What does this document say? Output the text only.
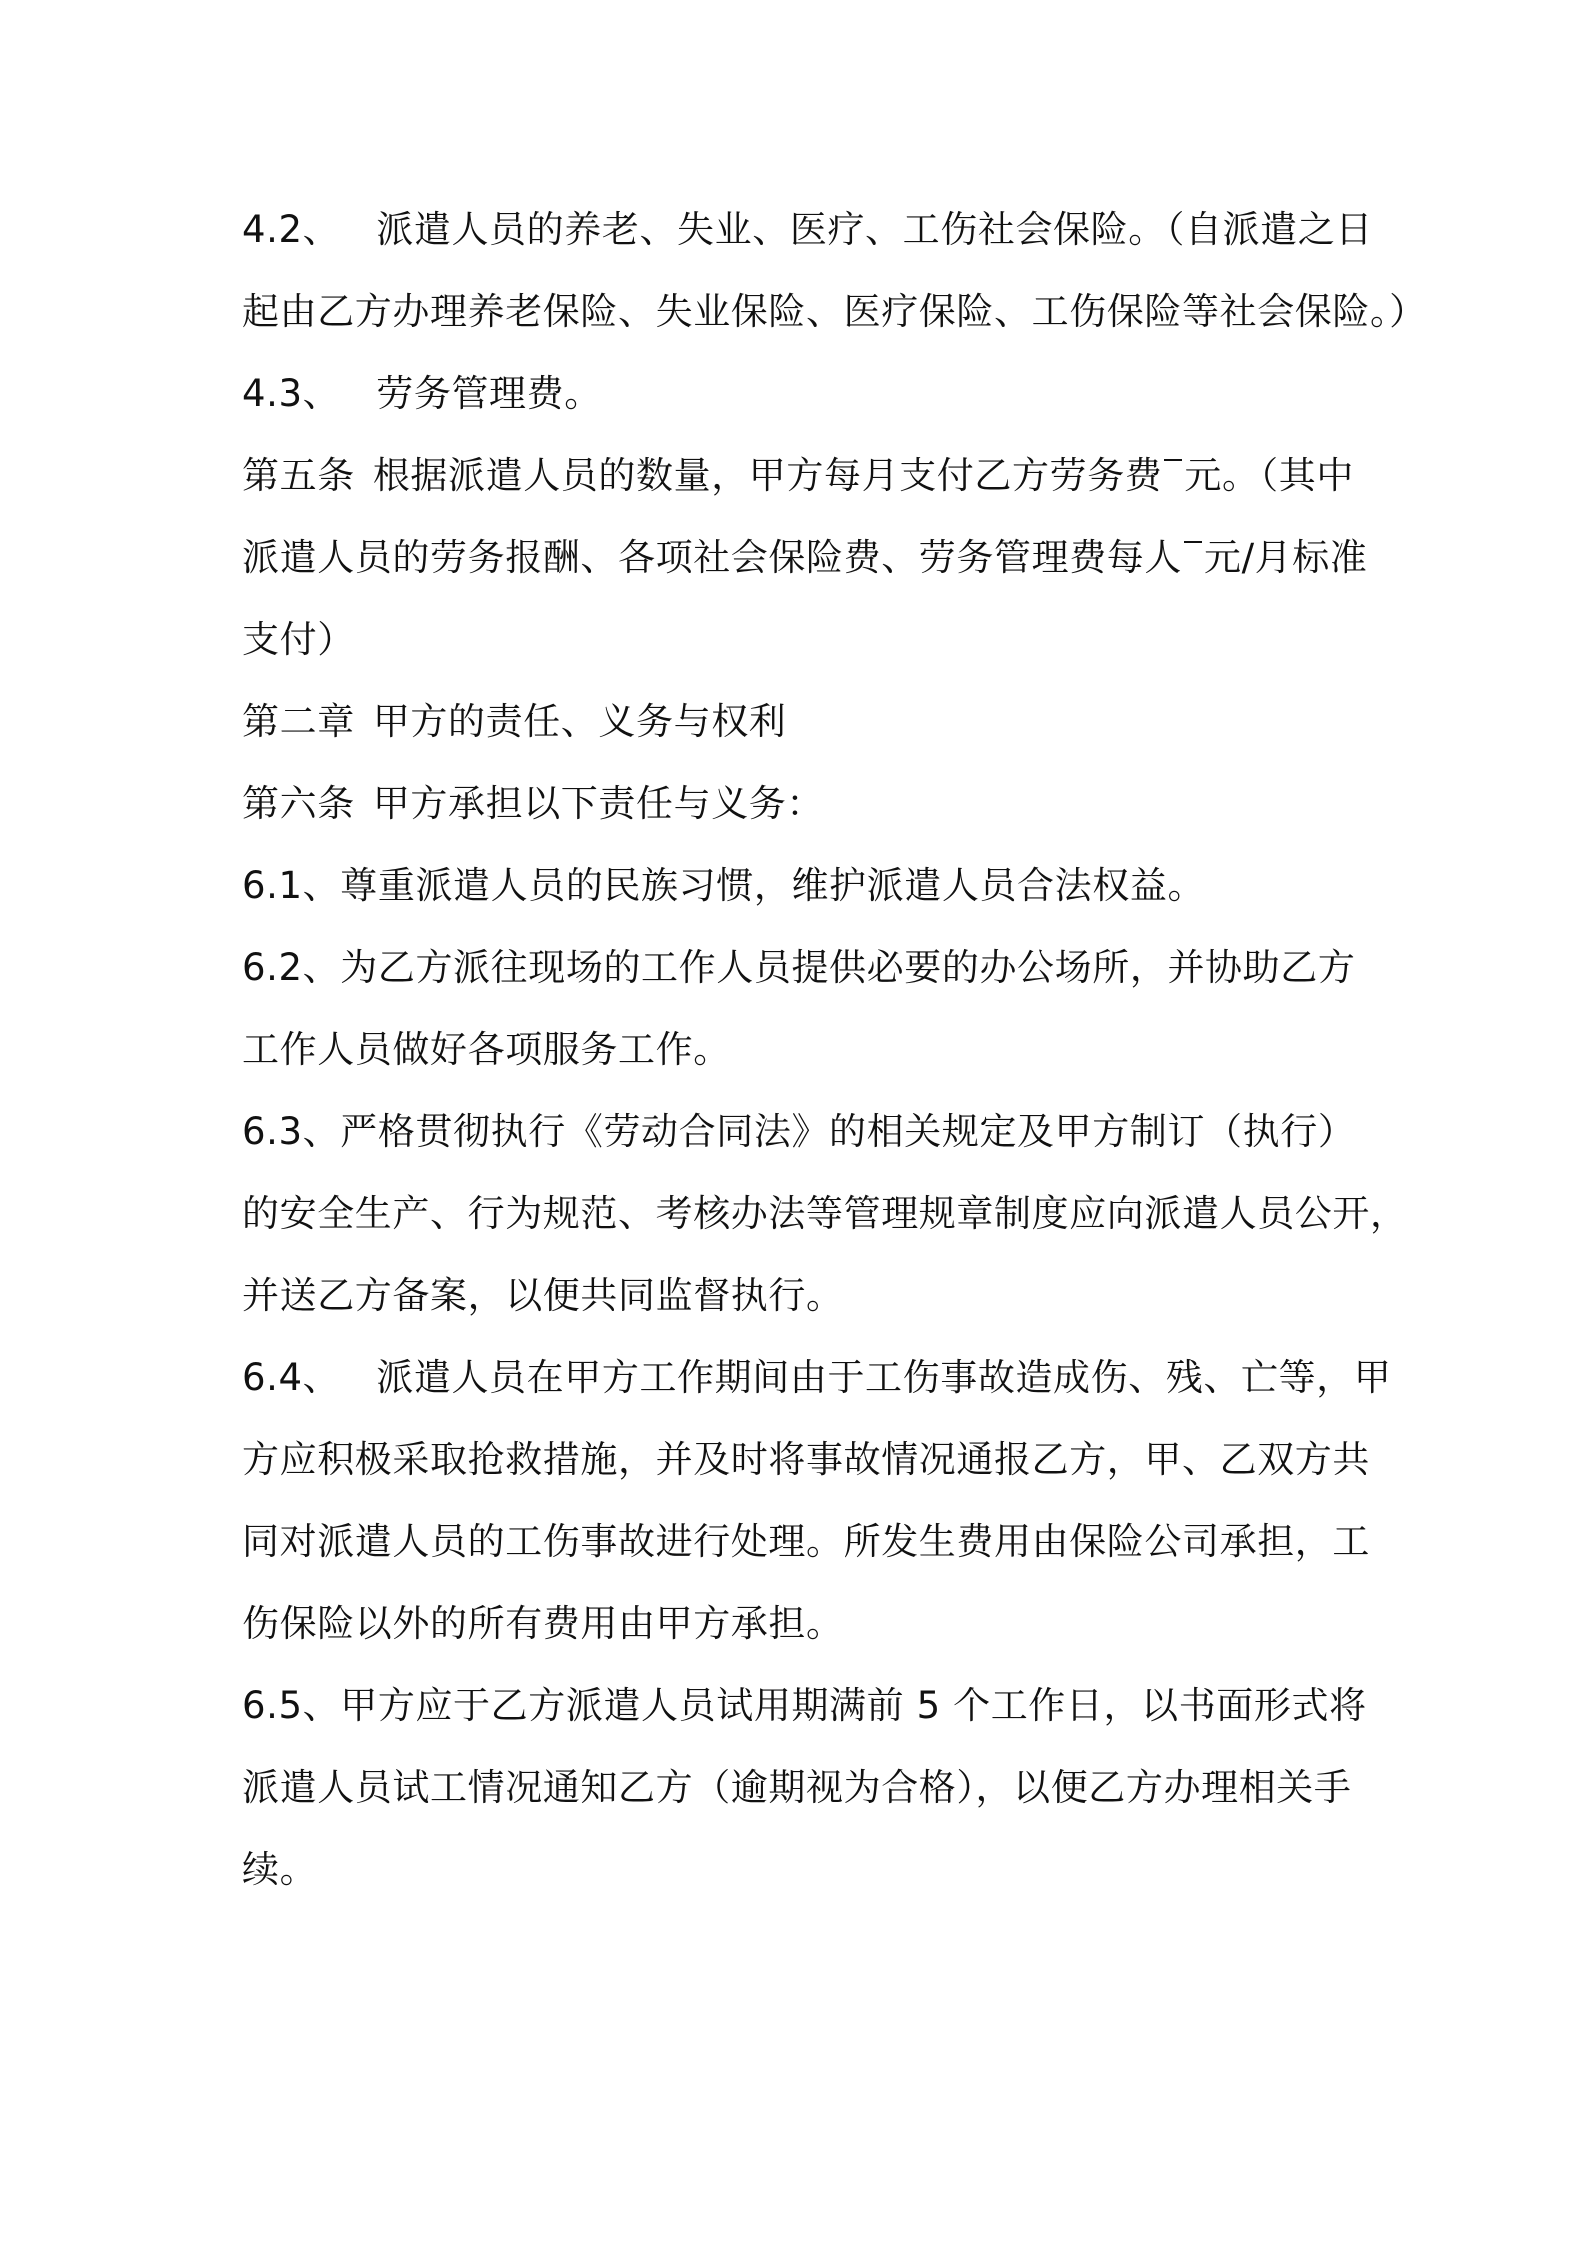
4.2、 派遣人员的养老、失业、医疗、工伤社会保险。（自派遣之日
起由乙方办理养老保险、失业保险、医疗保险、工伤保险等社会保险。）
4.3、 劳务管理费。
第五条 根据派遣人员的数量，甲方每月支付乙方劳务费 元。（其中
派遣人员的劳务报酬、各项社会保险费、劳务管理费每人 元/月标准
支付）
第二章 甲方的责任、义务与权利
第六条 甲方承担以下责任与义务：
6.1、尊重派遣人员的民族习惯，维护派遣人员合法权益。
6.2、为乙方派往现场的工作人员提供必要的办公场所，并协助乙方
工作人员做好各项服务工作。
6.3、严格贯彻执行《劳动合同法》的相关规定及甲方制订（执行）
的安全生产、行为规范、考核办法等管理规章制度应向派遣人员公开，
并送乙方备案，以便共同监督执行。
6.4、 派遣人员在甲方工作期间由于工伤事故造成伤、残、亡等，甲
方应积极采取抢救措施，并及时将事故情况通报乙方，甲、乙双方共
同对派遣人员的工伤事故进行处理。所发生费用由保险公司承担，工
伤保险以外的所有费用由甲方承担。
6.5、甲方应于乙方派遣人员试用期满前 5 个工作日，以书面形式将
派遣人员试工情况通知乙方（逾期视为合格），以便乙方办理相关手
续。
